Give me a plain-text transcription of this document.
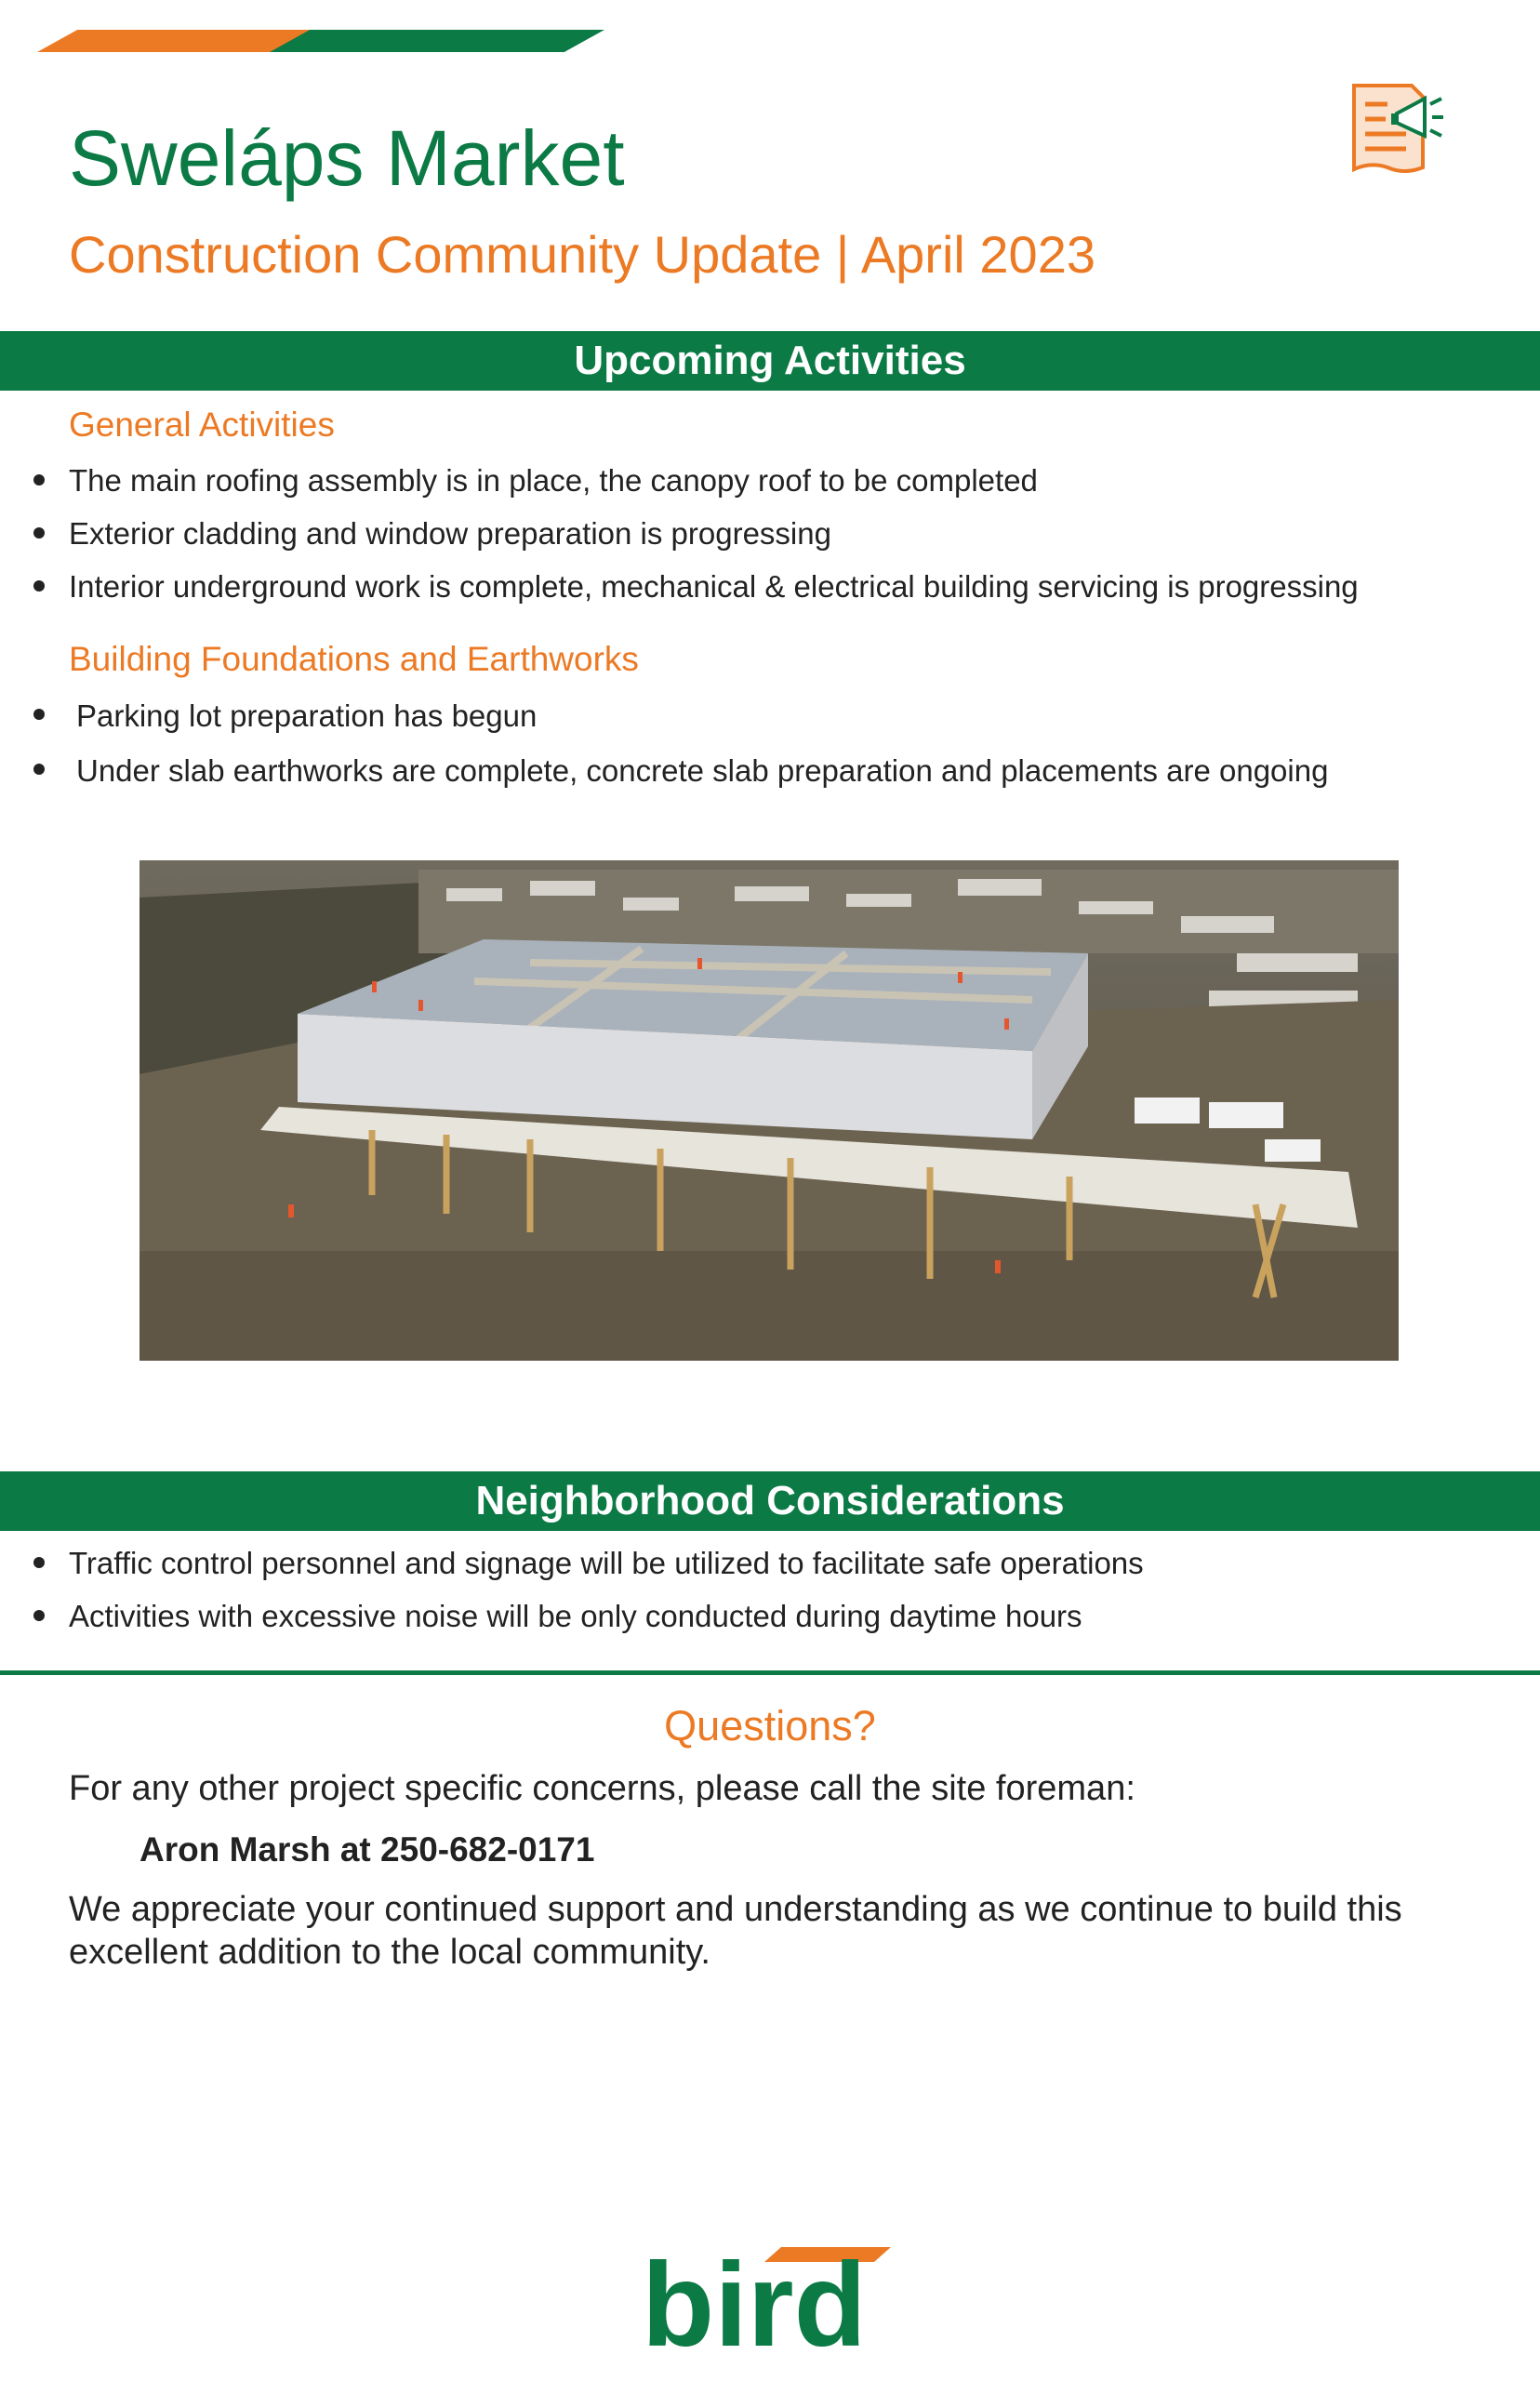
Sweláps Market
Construction Community Update | April 2023
Upcoming Activities
General Activities
The main roofing assembly is in place, the canopy roof to be completed
Exterior cladding and window preparation is progressing
Interior underground work is complete, mechanical & electrical building servicing is progressing
Building Foundations and Earthworks
Parking lot preparation has begun
Under slab earthworks are complete, concrete slab preparation and placements are ongoing
Neighborhood Considerations
Traffic control personnel and signage will be utilized to facilitate safe operations
Activities with excessive noise will be only conducted during daytime hours
Questions?
For any other project specific concerns, please call the site foreman:
Aron Marsh at 250-682-0171
We appreciate your continued support and understanding as we continue to build this excellent addition to the local community.
bird
